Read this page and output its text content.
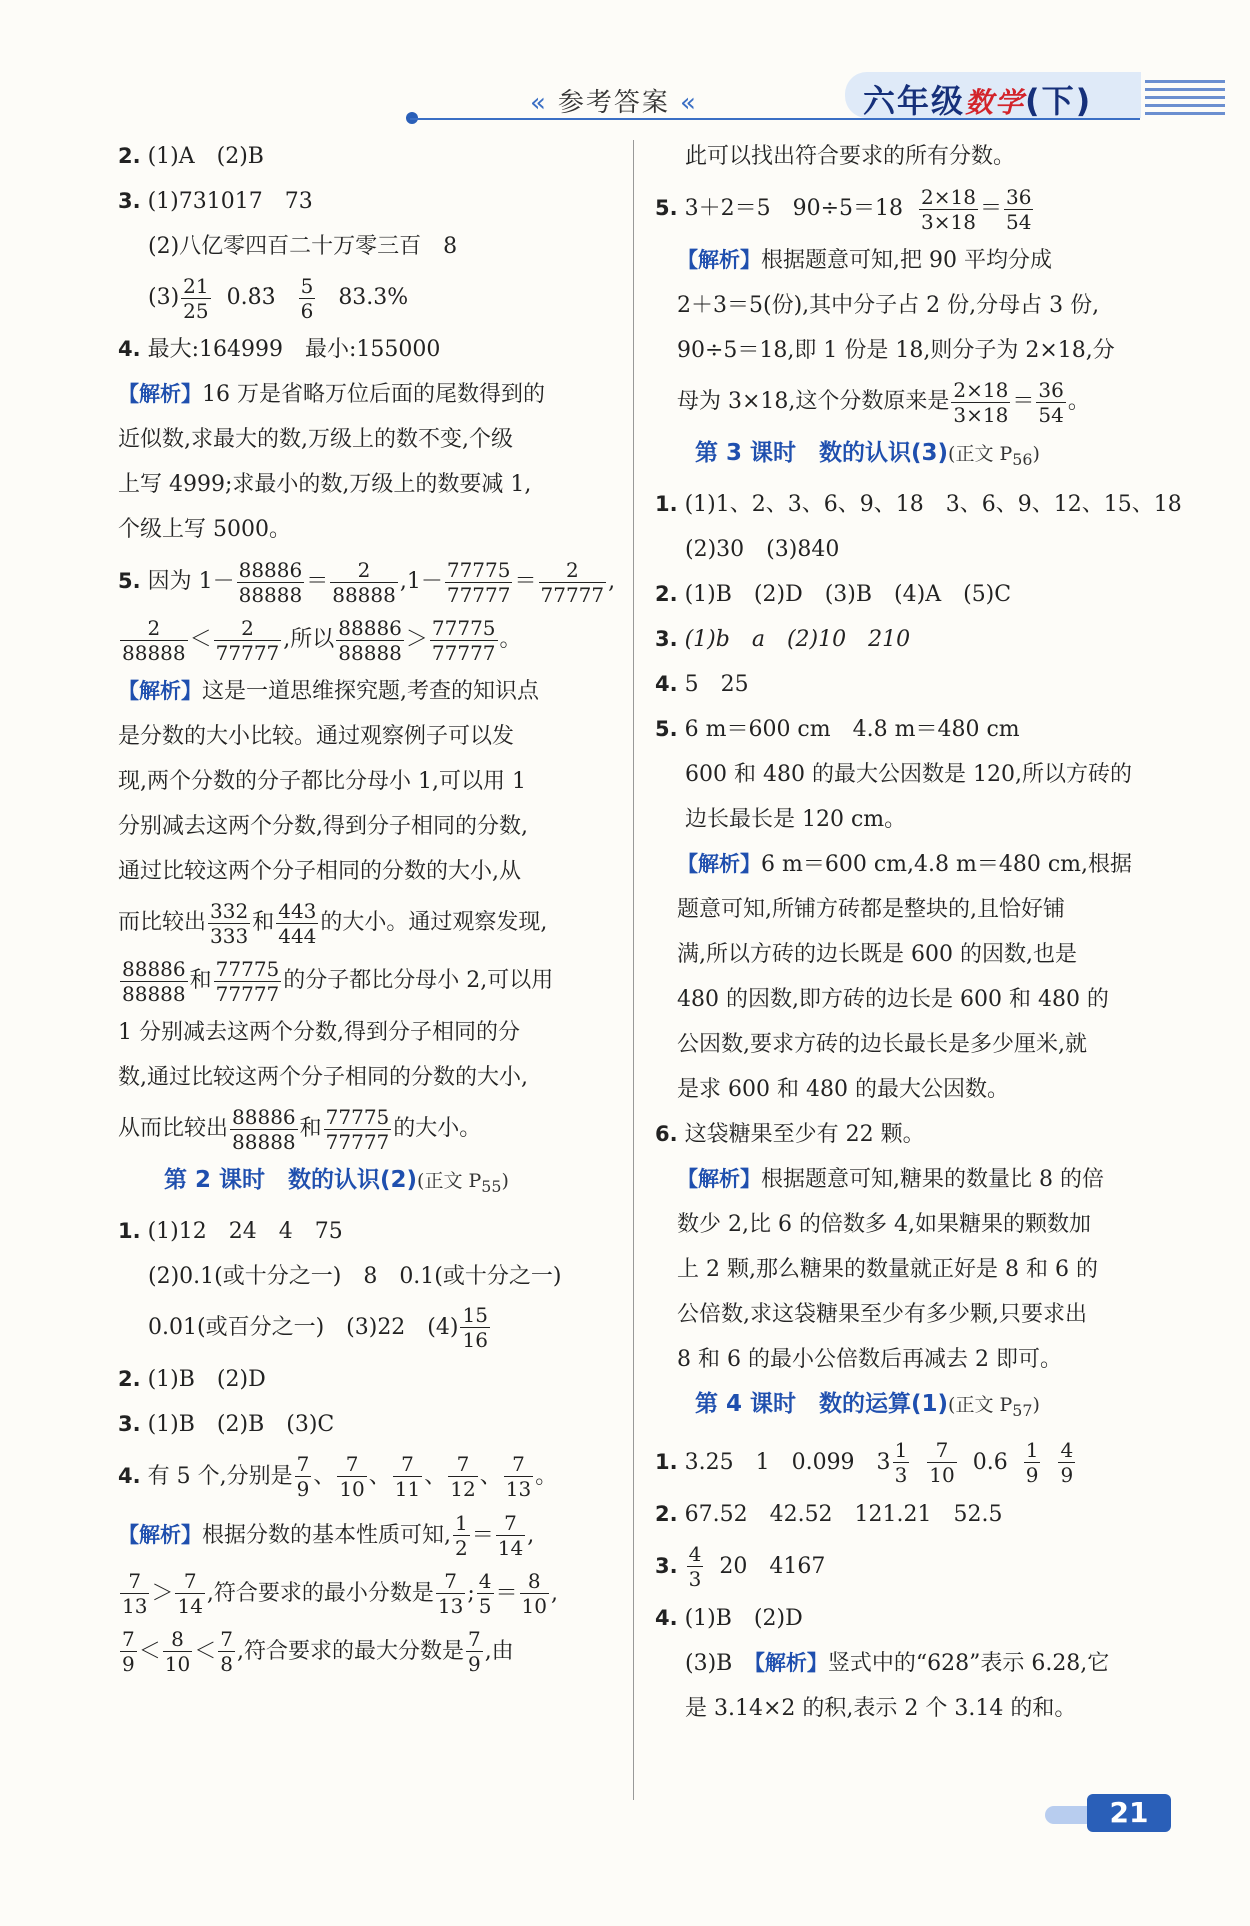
« 参考答案 «	六年级数学(下)
2. (1)A　(2)B
3. (1)731017　73
(2)八亿零四百二十万零三百　8
$(3) \frac{21}{25}$ 0.8̇3̇ $\frac{5}{6} 83.3\%$
4. 最大:164999　最小:155000
【解析】16 万是省略万位后面的尾数得到的
近似数,求最大的数,万级上的数不变,个级
上写 4999;求最小的数,万级上的数要减 1,
个级上写 5000。
5. 因为 $1- \frac{88886}{88888} = \frac{2}{88888} ,1- \frac{77775}{77777} = \frac{2}{77777}$ ,
$\frac{2}{88888} < \frac{2}{77777}$ ,所以 $\frac{88886}{88888} > \frac{77775}{77777}$ 。
【解析】这是一道思维探究题,考查的知识点
是分数的大小比较。通过观察例子可以发
现,两个分数的分子都比分母小 1,可以用 1
分别减去这两个分数,得到分子相同的分数,
通过比较这两个分子相同的分数的大小,从
而比较出 $\frac{332}{333}$ 和 $\frac{443}{444}$ 的大小。通过观察发现,
$\frac{88886}{88888}$ 和 $\frac{77775}{77777}$ 的分子都比分母小 2,可以用
1 分别减去这两个分数,得到分子相同的分
数,通过比较这两个分子相同的分数的大小,
从而比较出 $\frac{88886}{88888}$ 和 $\frac{77775}{77777}$ 的大小。
第 2 课时　数的认识(2)(正文 $P_{55}$)
1. (1)12　24　4　75
(2)0.1(或十分之一)　8　0.1(或十分之一)
0.01(或百分之一)　(3)22　$(4) \frac{15}{16}$
2. (1)B　(2)D
3. (1)B　(2)B　(3)C
4. 有 5 个,分别是 $\frac{7}{9}$ 、 $\frac{7}{10}$ 、 $\frac{7}{11}$ 、 $\frac{7}{12}$ 、 $\frac{7}{13}$ 。
【解析】根据分数的基本性质可知, $\frac{1}{2} = \frac{7}{14}$ ,
$\frac{7}{13} > \frac{7}{14}$ ,符合要求的最小分数是 $\frac{7}{13}$ ; $\frac{4}{5} = \frac{8}{10}$ ,
$\frac{7}{9} < \frac{8}{10} < \frac{7}{8}$ ,符合要求的最大分数是 $\frac{7}{9}$ ,由
此可以找出符合要求的所有分数。
5. 3＋2＝5　$90\div 5=18 \frac{2\times 18}{3\times 18} = \frac{36}{54}$
【解析】根据题意可知,把 90 平均分成
2＋3＝5(份),其中分子占 2 份,分母占 3 份,
90÷5＝18,即 1 份是 18,则分子为 2×18,分
母为 3×18,这个分数原来是 $\frac{2\times 18}{3\times 18} = \frac{36}{54}$ 。
第 3 课时　数的认识(3)(正文 $P_{56}$)
1. (1)1、2、3、6、9、18　3、6、9、12、15、18
(2)30　(3)840
2. (1)B　(2)D　(3)B　(4)A　(5)C
3. (1)b　a　(2)10　210
4. 5　25
5. 6 m＝600 cm　4.8 m＝480 cm
600 和 480 的最大公因数是 120,所以方砖的
边长最长是 120 cm。
【解析】6 m＝600 cm,4.8 m＝480 cm,根据
题意可知,所铺方砖都是整块的,且恰好铺
满,所以方砖的边长既是 600 的因数,也是
480 的因数,即方砖的边长是 600 和 480 的
公因数,要求方砖的边长最长是多少厘米,就
是求 600 和 480 的最大公因数。
6. 这袋糖果至少有 22 颗。
【解析】根据题意可知,糖果的数量比 8 的倍
数少 2,比 6 的倍数多 4,如果糖果的颗数加
上 2 颗,那么糖果的数量就正好是 8 和 6 的
公倍数,求这袋糖果至少有多少颗,只要求出
8 和 6 的最小公倍数后再减去 2 即可。
第 4 课时　数的运算(1)(正文 $P_{57}$)
1. 3.25　1　0.099　$3 \frac{1}{3}$
$\frac{7}{10} 0.6 \frac{1}{9}$
$\frac{4}{9}$
2. 67.52　42.52　121.21　52.5
3. $\frac{4}{3} 20$　4167
4. (1)B　(2)D
(3)B　【解析】竖式中的“628”表示 6.28,它
是 3.14×2 的积,表示 2 个 3.14 的和。
21
